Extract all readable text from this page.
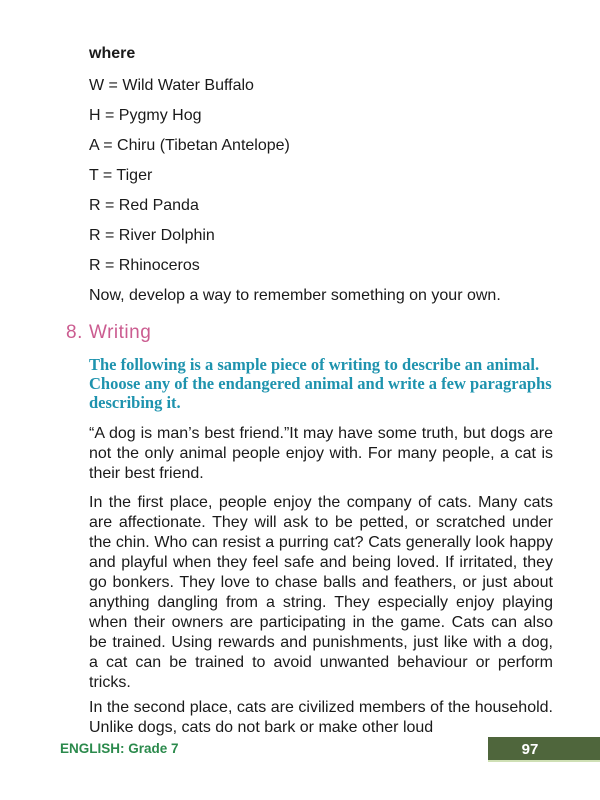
where
W = Wild Water Buffalo
H = Pygmy Hog
A = Chiru (Tibetan Antelope)
T = Tiger
R = Red Panda
R = River Dolphin
R = Rhinoceros

Now, develop a way to remember something on your own.

8. Writing
The following is a sample piece of writing to describe an animal.
Choose any of the endangered animal and write a few paragraphs
describing it.

“A dog is man’s best friend.”It may have some truth, but dogs are not the only animal people enjoy with. For many people, a cat is their best friend.

In the first place, people enjoy the company of cats. Many cats are affectionate. They will ask to be petted, or scratched under the chin. Who can resist a purring cat? Cats generally look happy and playful when they feel safe and being loved. If irritated, they go bonkers. They love to chase balls and feathers, or just about anything dangling from a string. They especially enjoy playing when their owners are participating in the game. Cats can also be trained. Using rewards and punishments, just like with a dog, a cat can be trained to avoid unwanted behaviour or perform tricks.

In the second place, cats are civilized members of the household. Unlike dogs, cats do not bark or make other loud

ENGLISH: Grade 7	97
